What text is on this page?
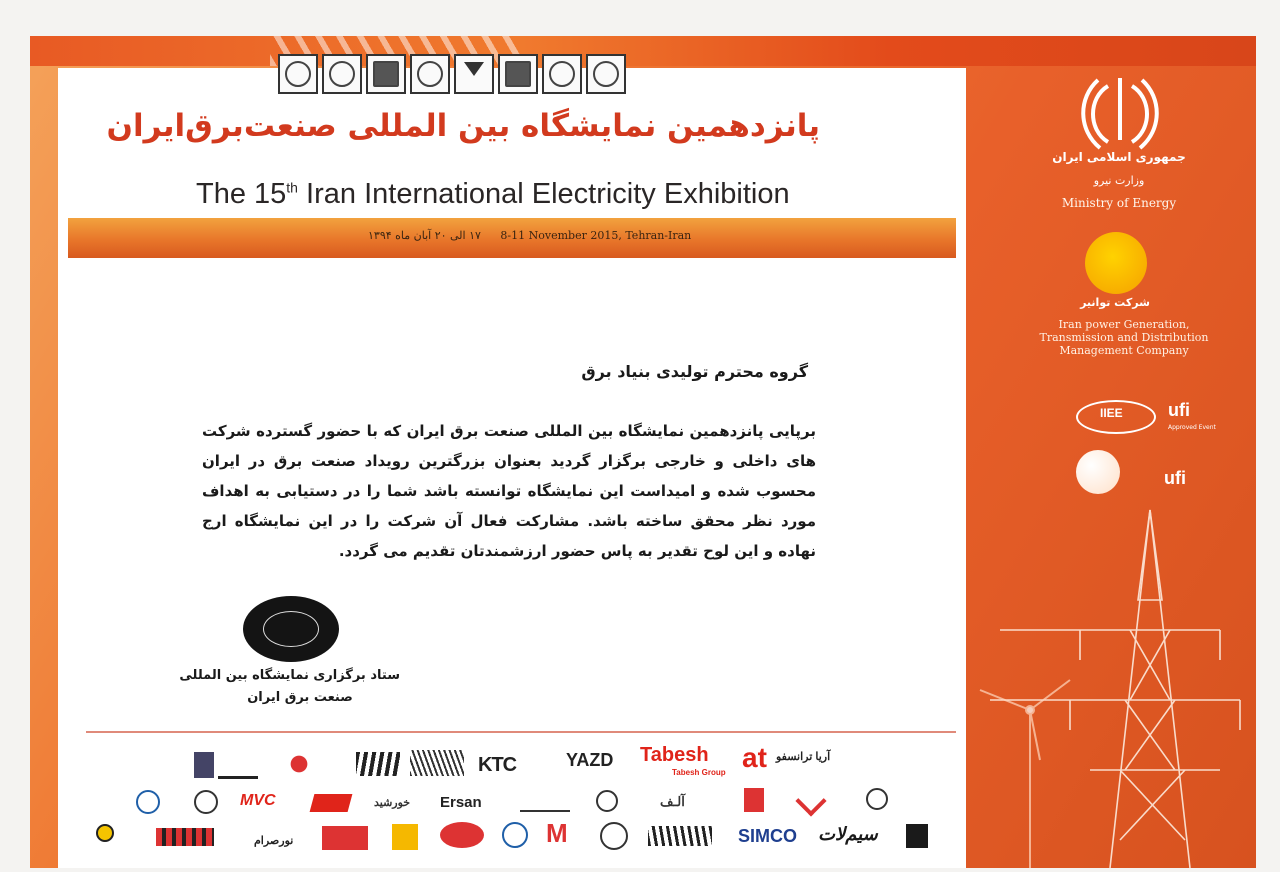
پانزدهمین نمایشگاه بین المللی صنعت‌برق‌ایران

The 15th Iran International Electricity Exhibition

۱۷ الی ۲۰ آبان ماه ۱۳۹۴ 8-11 November 2015, Tehran-Iran

گروه محترم تولیدی بنیاد برق

برپایی پانزدهمین نمایشگاه بین المللی صنعت برق ایران که با حضور گسترده شرکت های داخلی و خارجی برگزار گردید بعنوان بزرگترین رویداد صنعت برق در ایران محسوب شده و امیداست این نمایشگاه توانسته باشد شما را در دستیابی به اهداف مورد نظر محقق ساخته باشد. مشارکت فعال آن شرکت را در این نمایشگاه ارج نهاده و این لوح تقدیر به پاس حضور ارزشمندتان تقدیم می گردد.

ستاد برگزاری نمایشگاه بین المللی

صنعت برق ایران

KTC	YAZD Tabesh
Tabesh Group at آریا ترانسفو
MVC	خورشید Ersan	آلـف
نورصرام	M	SIMCO سیم‌لات

جمهوری اسلامی ایران

وزارت نیرو

Ministry of Energy

شرکت توانیر

Iran power Generation, Transmission and Distribution Management Company

IIEE	ufi
Approved Event
ufi
